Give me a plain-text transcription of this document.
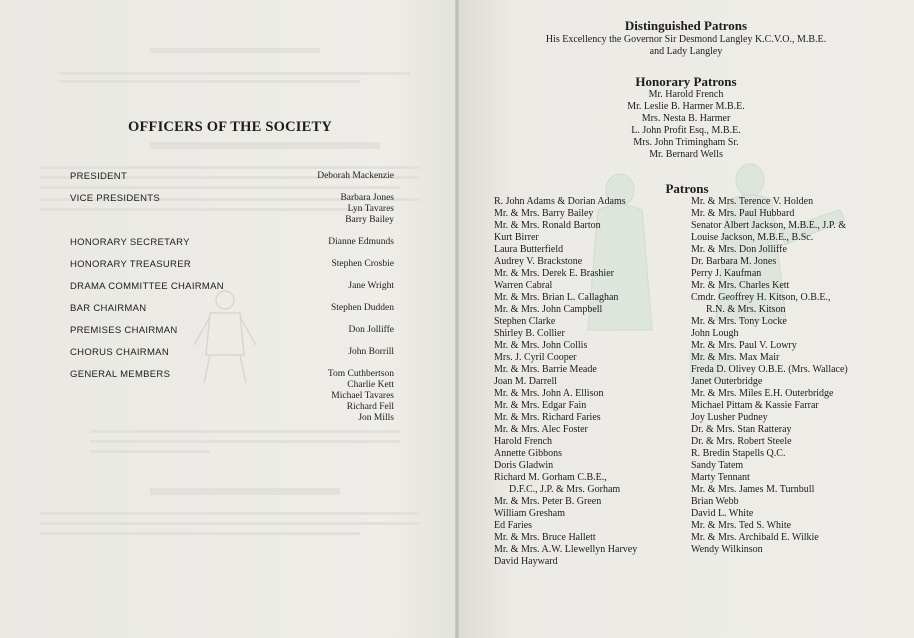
OFFICERS OF THE SOCIETY
PRESIDENT	Deborah Mackenzie
VICE PRESIDENTS	Barbara Jones
Lyn Tavares
Barry Bailey
HONORARY SECRETARY	Dianne Edmunds
HONORARY TREASURER	Stephen Crosbie
DRAMA COMMITTEE CHAIRMAN	Jane Wright
BAR CHAIRMAN	Stephen Dudden
PREMISES CHAIRMAN	Don Jolliffe
CHORUS CHAIRMAN	John Borrill
GENERAL MEMBERS	Tom Cuthbertson
Charlie Kett
Michael Tavares
Richard Fell
Jon Mills
Distinguished Patrons
His Excellency the Governor Sir Desmond Langley K.C.V.O., M.B.E.
and Lady Langley
Honorary Patrons
Mr. Harold French
Mr. Leslie B. Harmer M.B.E.
Mrs. Nesta B. Harmer
L. John Profit Esq., M.B.E.
Mrs. John Trimingham Sr.
Mr. Bernard Wells
Patrons
R. John Adams & Dorian Adams
Mr. & Mrs. Barry Bailey
Mr. & Mrs. Ronald Barton
Kurt Birrer
Laura Butterfield
Audrey V. Brackstone
Mr. & Mrs. Derek E. Brashier
Warren Cabral
Mr. & Mrs. Brian L. Callaghan
Mr. & Mrs. John Campbell
Stephen Clarke
Shirley B. Collier
Mr. & Mrs. John Collis
Mrs. J. Cyril Cooper
Mr. & Mrs. Barrie Meade
Joan M. Darrell
Mr. & Mrs. John A. Ellison
Mr. & Mrs. Edgar Fain
Mr. & Mrs. Richard Faries
Mr. & Mrs. Alec Foster
Harold French
Annette Gibbons
Doris Gladwin
Richard M. Gorham C.B.E.,
D.F.C., J.P. & Mrs. Gorham
Mr. & Mrs. Peter B. Green
William Gresham
Ed Faries
Mr. & Mrs. Bruce Hallett
Mr. & Mrs. A.W. Llewellyn Harvey
David Hayward
Mr. & Mrs. Terence V. Holden
Mr. & Mrs. Paul Hubbard
Senator Albert Jackson, M.B.E., J.P. &
Louise Jackson, M.B.E., B.Sc.
Mr. & Mrs. Don Jolliffe
Dr. Barbara M. Jones
Perry J. Kaufman
Mr. & Mrs. Charles Kett
Cmdr. Geoffrey H. Kitson, O.B.E.,
R.N. & Mrs. Kitson
Mr. & Mrs. Tony Locke
John Lough
Mr. & Mrs. Paul V. Lowry
Mr. & Mrs. Max Mair
Freda D. Olivey O.B.E. (Mrs. Wallace)
Janet Outerbridge
Mr. & Mrs. Miles E.H. Outerbridge
Michael Pittam & Kassie Farrar
Joy Lusher Pudney
Dr. & Mrs. Stan Ratteray
Dr. & Mrs. Robert Steele
R. Bredin Stapells Q.C.
Sandy Tatem
Marty Tennant
Mr. & Mrs. James M. Turnbull
Brian Webb
David L. White
Mr. & Mrs. Ted S. White
Mr. & Mrs. Archibald E. Wilkie
Wendy Wilkinson
